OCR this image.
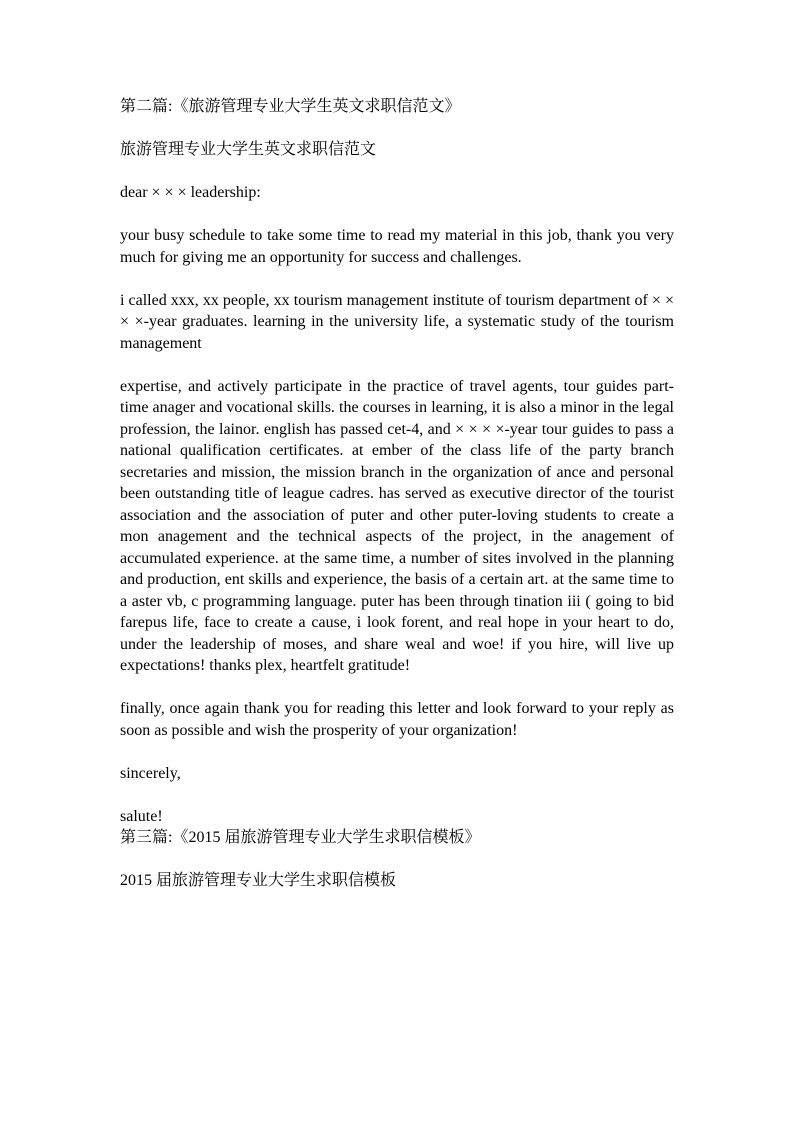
第二篇:《旅游管理专业大学生英文求职信范文》

旅游管理专业大学生英文求职信范文

dear × × × leadership:

your busy schedule to take some time to read my material in this job, thank you very much for giving me an opportunity for success and challenges.

i called xxx, xx people, xx tourism management institute of tourism department of × × × ×-year graduates. learning in the university life, a systematic study of the tourism management

expertise, and actively participate in the practice of travel agents, tour guides part-time anager and vocational skills. the courses in learning, it is also a minor in the legal profession, the lainor. english has passed cet-4, and × × × ×-year tour guides to pass a national qualification certificates. at ember of the class life of the party branch secretaries and mission, the mission branch in the organization of ance and personal been outstanding title of league cadres. has served as executive director of the tourist association and the association of puter and other puter-loving students to create a mon anagement and the technical aspects of the project, in the anagement of accumulated experience. at the same time, a number of sites involved in the planning and production, ent skills and experience, the basis of a certain art. at the same time to a aster vb, c programming language. puter has been through tination iii ( going to bid farepus life, face to create a cause, i look forent, and real hope in your heart to do, under the leadership of moses, and share weal and woe! if you hire, will live up expectations! thanks plex, heartfelt gratitude!

finally, once again thank you for reading this letter and look forward to your reply as soon as possible and wish the prosperity of your organization!

sincerely,

salute!

第三篇:《2015 届旅游管理专业大学生求职信模板》

2015 届旅游管理专业大学生求职信模板
